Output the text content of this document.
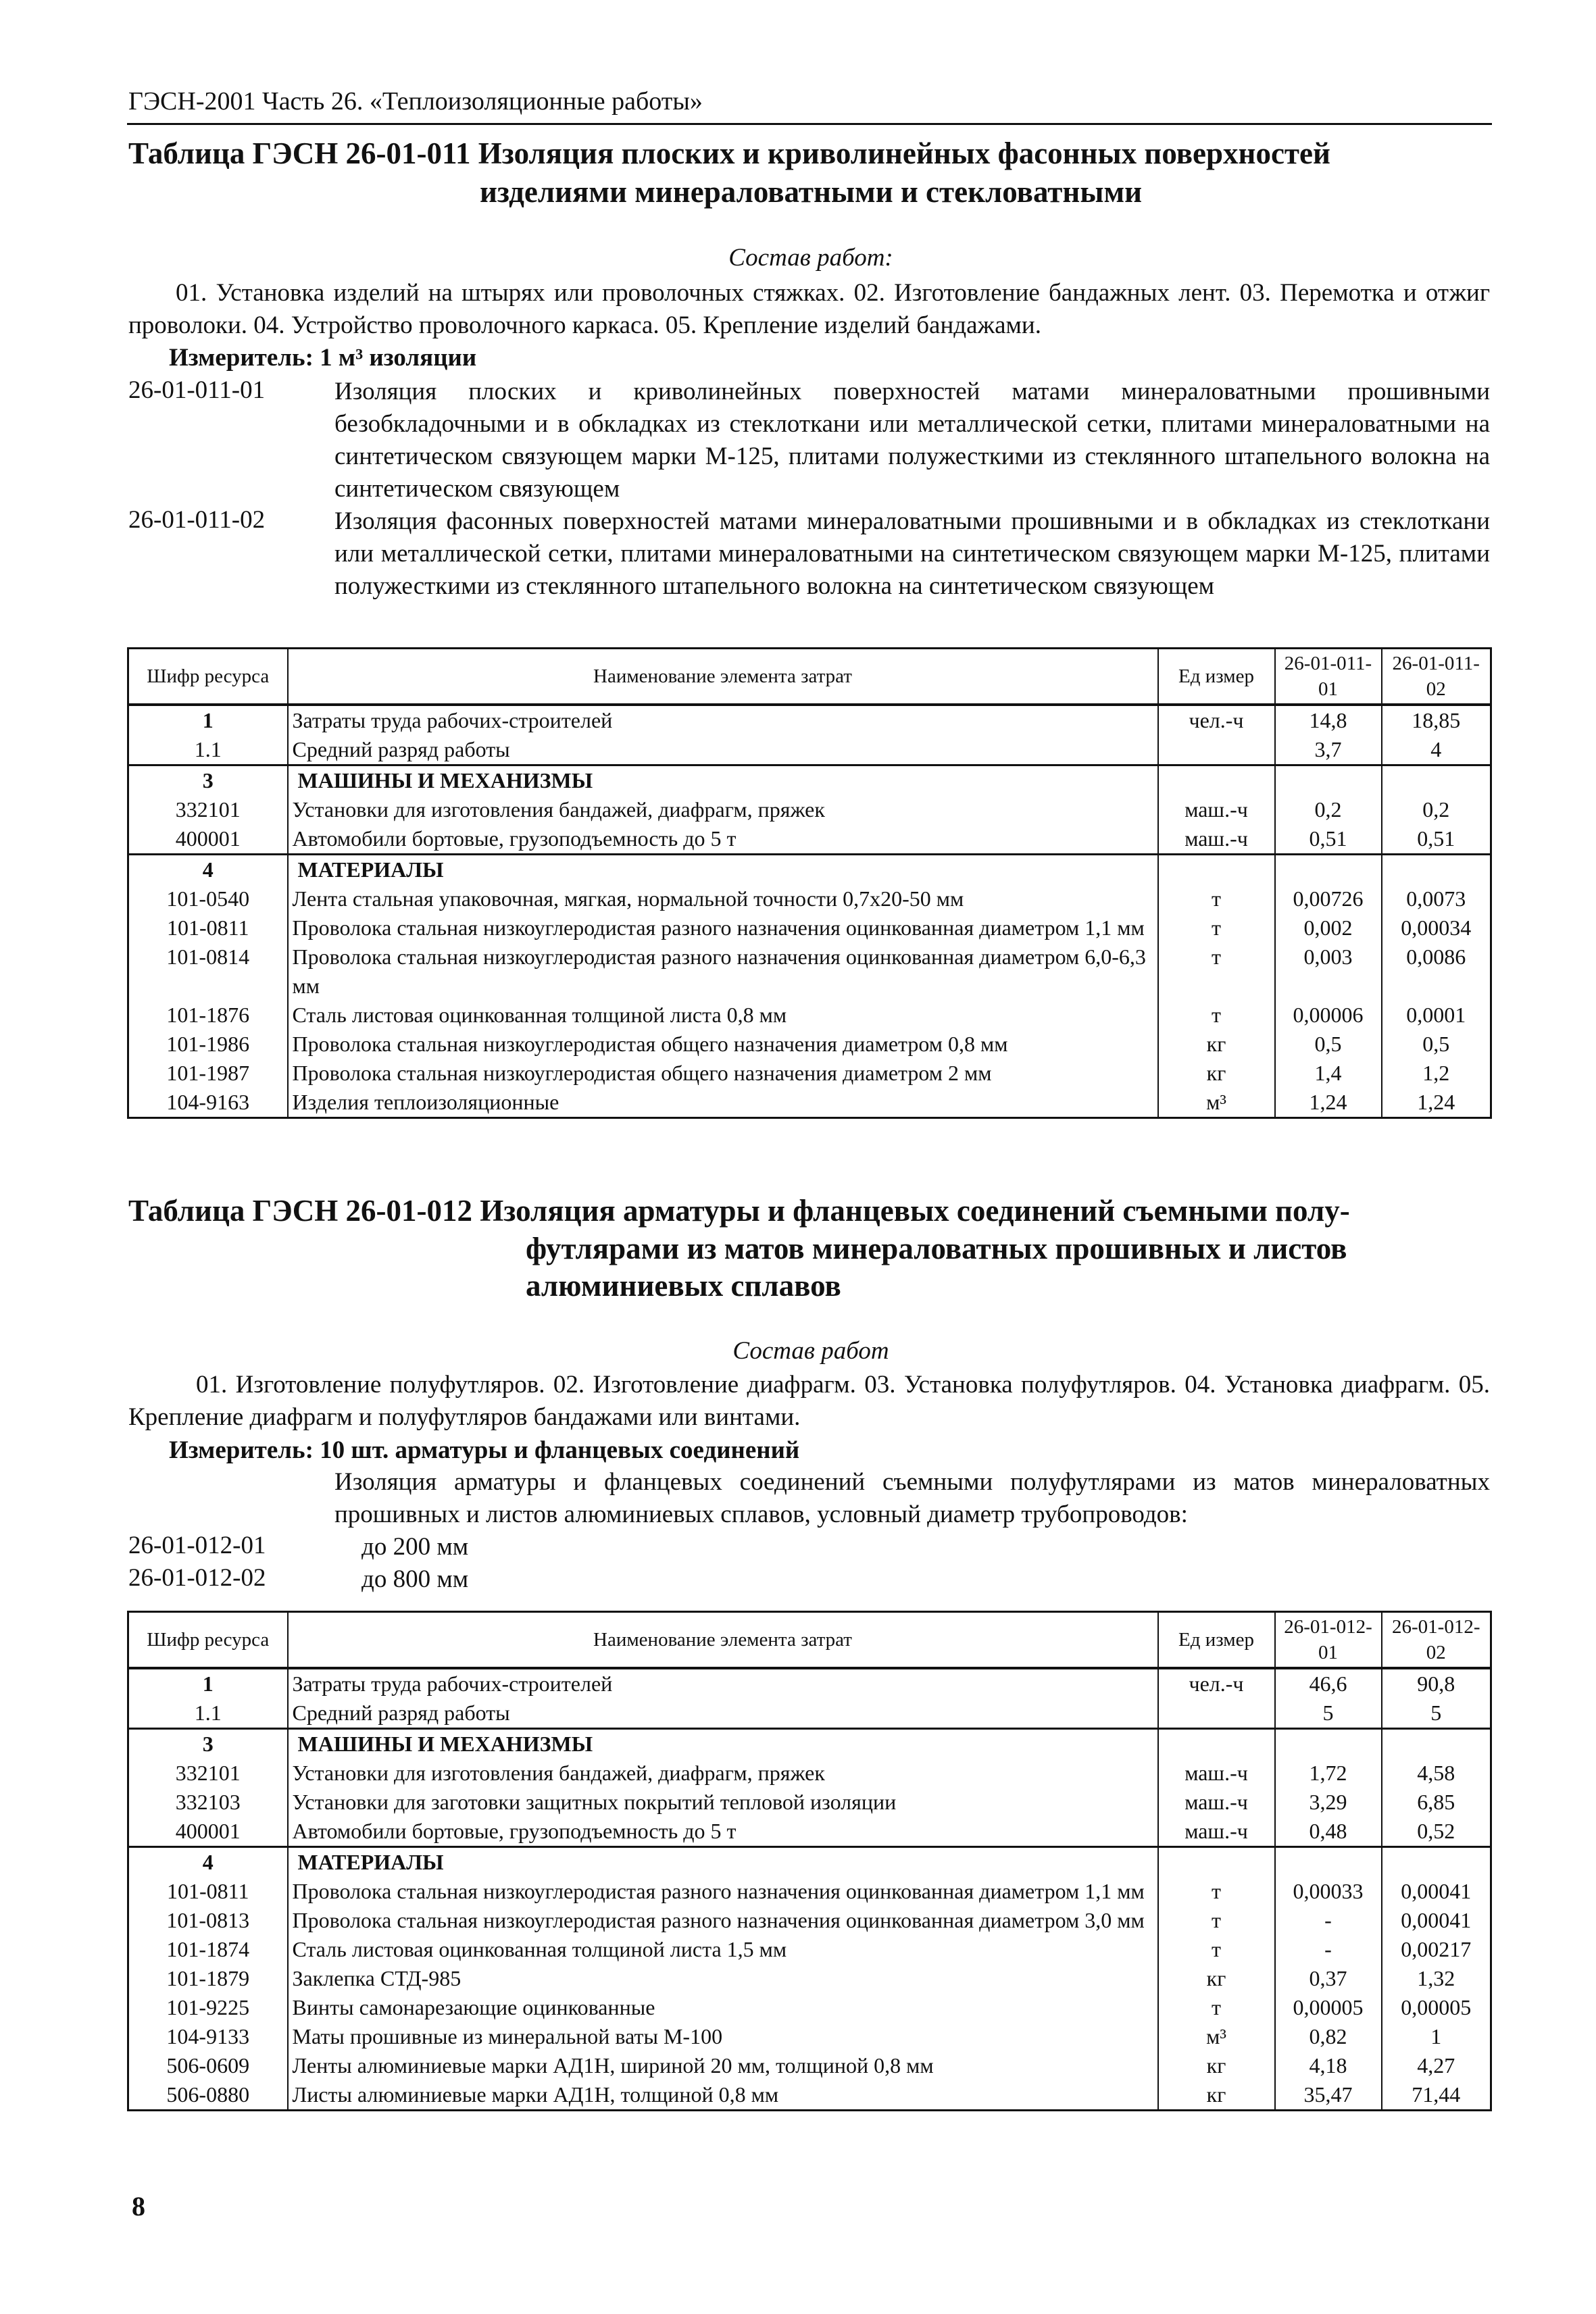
ГЭСН-2001 Часть 26. «Теплоизоляционные работы»
Таблица ГЭСН 26-01-011 Изоляция плоских и криволинейных фасонных поверхностей
изделиями минераловатными и стекловатными
Состав работ:
01. Установка изделий на штырях или проволочных стяжках. 02. Изготовление бандажных лент. 03. Перемотка и отжиг проволоки. 04. Устройство проволочного каркаса. 05. Крепление изделий бандажами.
Измеритель: 1 м³ изоляции
26-01-011-01	Изоляция плоских и криволинейных поверхностей матами минераловатными прошивными безобкладочными и в обкладках из стеклоткани или металлической сетки, плитами минераловатными на синтетическом связующем марки М-125, плитами полужесткими из стеклянного штапельного волокна на синтетическом связующем
26-01-011-02	Изоляция фасонных поверхностей матами минераловатными прошивными и в обкладках из стеклоткани или металлической сетки, плитами минераловатными на синтетическом связующем марки М-125, плитами полужесткими из стеклянного штапельного волокна на синтетическом связующем
Шифр ресурса	Наименование элемента затрат	Ед измер	26-01-011-01	26-01-011-02
1	Затраты труда рабочих-строителей	чел.-ч	14,8	18,85
1.1	Средний разряд работы		3,7	4
3	МАШИНЫ И МЕХАНИЗМЫ			
332101	Установки для изготовления бандажей, диафрагм, пряжек	маш.-ч	0,2	0,2
400001	Автомобили бортовые, грузоподъемность до 5 т	маш.-ч	0,51	0,51
4	МАТЕРИАЛЫ			
101-0540	Лента стальная упаковочная, мягкая, нормальной точности 0,7х20-50 мм	т	0,00726	0,0073
101-0811	Проволока стальная низкоуглеродистая разного назначения оцинкованная диаметром 1,1 мм	т	0,002	0,00034
101-0814	Проволока стальная низкоуглеродистая разного назначения оцинкованная диаметром 6,0-6,3 мм	т	0,003	0,0086
101-1876	Сталь листовая оцинкованная толщиной листа 0,8 мм	т	0,00006	0,0001
101-1986	Проволока стальная низкоуглеродистая общего назначения диаметром 0,8 мм	кг	0,5	0,5
101-1987	Проволока стальная низкоуглеродистая общего назначения диаметром 2 мм	кг	1,4	1,2
104-9163	Изделия теплоизоляционные	м³	1,24	1,24
Таблица ГЭСН 26-01-012 Изоляция арматуры и фланцевых соединений съемными полу-
футлярами из матов минераловатных прошивных и листов
алюминиевых сплавов
Состав работ
01. Изготовление полуфутляров. 02. Изготовление диафрагм. 03. Установка полуфутляров. 04. Установка диафрагм. 05. Крепление диафрагм и полуфутляров бандажами или винтами.
Измеритель: 10 шт. арматуры и фланцевых соединений
Изоляция арматуры и фланцевых соединений съемными полуфутлярами из матов минераловатных прошивных и листов алюминиевых сплавов, условный диаметр трубопроводов:
26-01-012-01	до 200 мм
26-01-012-02	до 800 мм
Шифр ресурса	Наименование элемента затрат	Ед измер	26-01-012-01	26-01-012-02
1	Затраты труда рабочих-строителей	чел.-ч	46,6	90,8
1.1	Средний разряд работы		5	5
3	МАШИНЫ И МЕХАНИЗМЫ			
332101	Установки для изготовления бандажей, диафрагм, пряжек	маш.-ч	1,72	4,58
332103	Установки для заготовки защитных покрытий тепловой изоляции	маш.-ч	3,29	6,85
400001	Автомобили бортовые, грузоподъемность до 5 т	маш.-ч	0,48	0,52
4	МАТЕРИАЛЫ			
101-0811	Проволока стальная низкоуглеродистая разного назначения оцинкованная диаметром 1,1 мм	т	0,00033	0,00041
101-0813	Проволока стальная низкоуглеродистая разного назначения оцинкованная диаметром 3,0 мм	т	-	0,00041
101-1874	Сталь листовая оцинкованная толщиной листа 1,5 мм	т	-	0,00217
101-1879	Заклепка СТД-985	кг	0,37	1,32
101-9225	Винты самонарезающие оцинкованные	т	0,00005	0,00005
104-9133	Маты прошивные из минеральной ваты М-100	м³	0,82	1
506-0609	Ленты алюминиевые марки АД1Н, шириной 20 мм, толщиной 0,8 мм	кг	4,18	4,27
506-0880	Листы алюминиевые марки АД1Н, толщиной 0,8 мм	кг	35,47	71,44
8
